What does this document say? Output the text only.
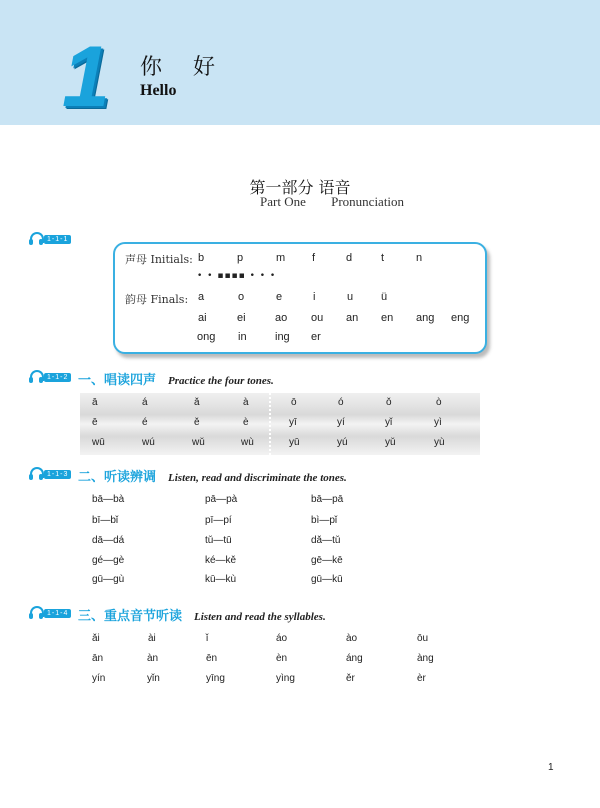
1 你 好
Hello
第一部分 语音
Part One Pronunciation
1-1-1
声母 Initials:
韵母 Finals:
b	p	m f	d	t	n
• • ▪▪▪▪ • • •
a	o	e	i	u	ü
ai	ei	ao ou an en ang eng
ong in	ing er
1-1-2 一、唱读四声 Practice the four tones.
ā	á	ǎ	à	ō	ó	ǒ	ò
ē	é	ě	è	yī	yí	yǐ	yì
wū	wú	wǔ	wù	yū	yú	yǔ	yù
1-1-3 二、听读辨调 Listen, read and discriminate the tones.
bā—bà	pā—pà	bā—pā
bī—bǐ	pī—pí	bì—pǐ
dā—dá	tǔ—tū	dǎ—tǔ
gé—gè	ké—kě	gē—kē
gū—gù	kū—kù	gū—kū
1-1-4 三、重点音节听读 Listen and read the syllables.
ǎi	ài	ǐ	áo	ào	ōu
ān	àn	ēn	èn	áng	àng
yín	yǐn	yīng	yìng	ěr	èr
1
